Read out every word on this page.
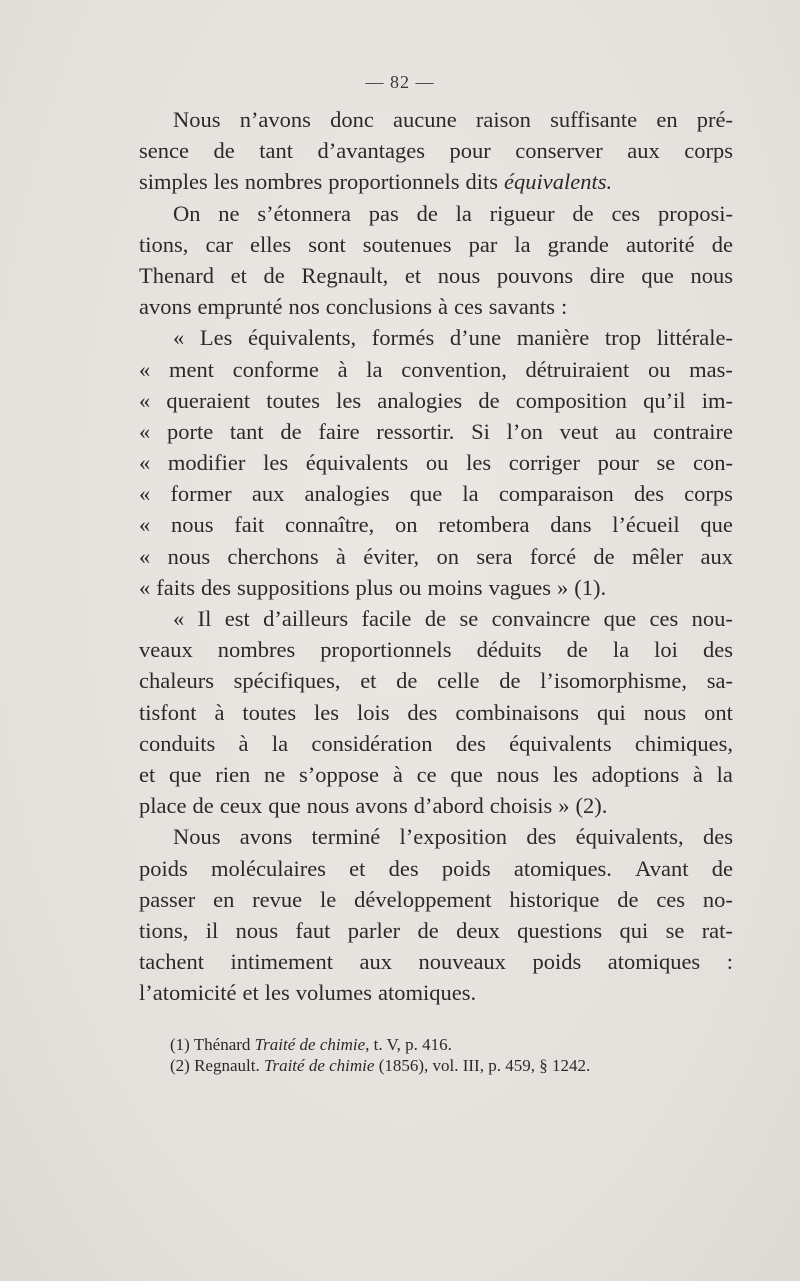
— 82 —
Nous n’avons donc aucune raison suffisante en pré-
sence de tant d’avantages pour conserver aux corps
simples les nombres proportionnels dits équivalents.
On ne s’étonnera pas de la rigueur de ces proposi-
tions, car elles sont soutenues par la grande autorité de
Thenard et de Regnault, et nous pouvons dire que nous
avons emprunté nos conclusions à ces savants :
« Les équivalents, formés d’une manière trop littérale-
« ment conforme à la convention, détruiraient ou mas-
« queraient toutes les analogies de composition qu’il im-
« porte tant de faire ressortir. Si l’on veut au contraire
« modifier les équivalents ou les corriger pour se con-
« former aux analogies que la comparaison des corps
« nous fait connaître, on retombera dans l’écueil que
« nous cherchons à éviter, on sera forcé de mêler aux
« faits des suppositions plus ou moins vagues » (1).
« Il est d’ailleurs facile de se convaincre que ces nou-
veaux nombres proportionnels déduits de la loi des
chaleurs spécifiques, et de celle de l’isomorphisme, sa-
tisfont à toutes les lois des combinaisons qui nous ont
conduits à la considération des équivalents chimiques,
et que rien ne s’oppose à ce que nous les adoptions à la
place de ceux que nous avons d’abord choisis » (2).
Nous avons terminé l’exposition des équivalents, des
poids moléculaires et des poids atomiques. Avant de
passer en revue le développement historique de ces no-
tions, il nous faut parler de deux questions qui se rat-
tachent intimement aux nouveaux poids atomiques :
l’atomicité et les volumes atomiques.
(1) Thénard Traité de chimie, t. V, p. 416.
(2) Regnault. Traité de chimie (1856), vol. III, p. 459, § 1242.
